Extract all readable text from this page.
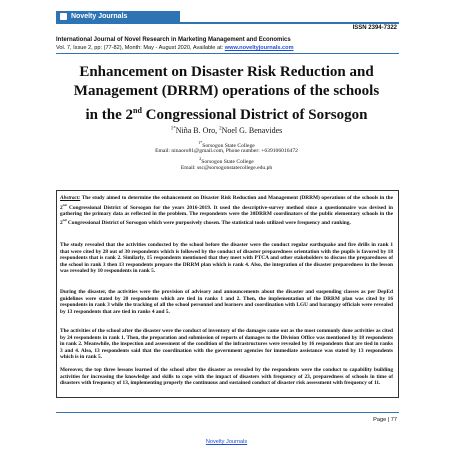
Novelty Journals
ISSN 2394-7322
International Journal of Novel Research in Marketing Management and Economics
Vol. 7, Issue 2, pp: (77-82), Month: May - August 2020, Available at: www.noveltyjournals.com
Enhancement on Disaster Risk Reduction and
Management (DRRM) operations of the schools
in the 2nd Congressional District of Sorsogon
$^{1*}$Niña B. Oro, $^2$Noel G. Benavides
$^{1*}$Sorsogon State College
Email: ninaoro81@gmail.com, Phone number: +639106016472
$^2$Sorsogon State College
Email: ssc@sorsogonstatecollege.edu.ph

Abstract: The study aimed to determine the enhancement on Disaster Risk Reduction and Management (DRRM) operations of the schools in the 2nd Congressional District of Sorsogon for the years 2016-2019. It used the descriptive-survey method since a questionnaire was devised in gathering the primary data as reflected in the problem. The respondents were the 30DRRM coordinators of the public elementary schools in the 2nd Congressional District of Sorsogon which were purposively chosen. The statistical tools utilized were frequency and ranking.

The study revealed that the activities conducted by the school before the disaster were the conduct regular earthquake and fire drills in rank 1 that were cited by 28 out of 30 respondents which is followed by the conduct of disaster preparedness orientation with the pupils is favored by 18 respondents that is rank 2. Similarly, 15 respondents mentioned that they meet with PTCA and other stakeholders to discuss the preparedness of the school in rank 3 then 13 respondents prepare the DRRM plan which is rank 4. Also, the integration of the disaster preparedness in the lesson was revealed by 10 respondents in rank 5.

During the disaster, the activities were the provision of advisory and announcements about the disaster and suspending classes as per DepEd guidelines were stated by 20 respondents which are tied in ranks 1 and 2. Then, the implementation of the DRRM plan was cited by 16 respondents in rank 3 while the tracking of all the school personnel and learners and coordination with LGU and barangay officials were revealed by 13 respondents that are tied in ranks 4 and 5.

The activities of the school after the disaster were the conduct of inventory of the damages came out as the most commonly done activities as cited by 24 respondents in rank 1. Then, the preparation and submission of reports of damages to the Division Office was mentioned by 18 respondents in rank 2. Meanwhile, the inspection and assessment of the condition of the infrastructures were revealed by 16 respondents that are tied in ranks 3 and 4. Also, 13 respondents said that the coordination with the government agencies for immediate assistance was stated by 13 respondents which is in rank 5.

Moreover, the top three lessons learned of the school after the disaster as revealed by the respondents were the conduct to capability building activities for increasing the knowledge and skills to cope with the impact of disasters with frequency of 23, preparedness of schools in time of disasters with frequency of 13, implementing properly the continuous and sustained conduct of disaster risk assessment with frequency of 11.

Page | 77
Novelty Journals
